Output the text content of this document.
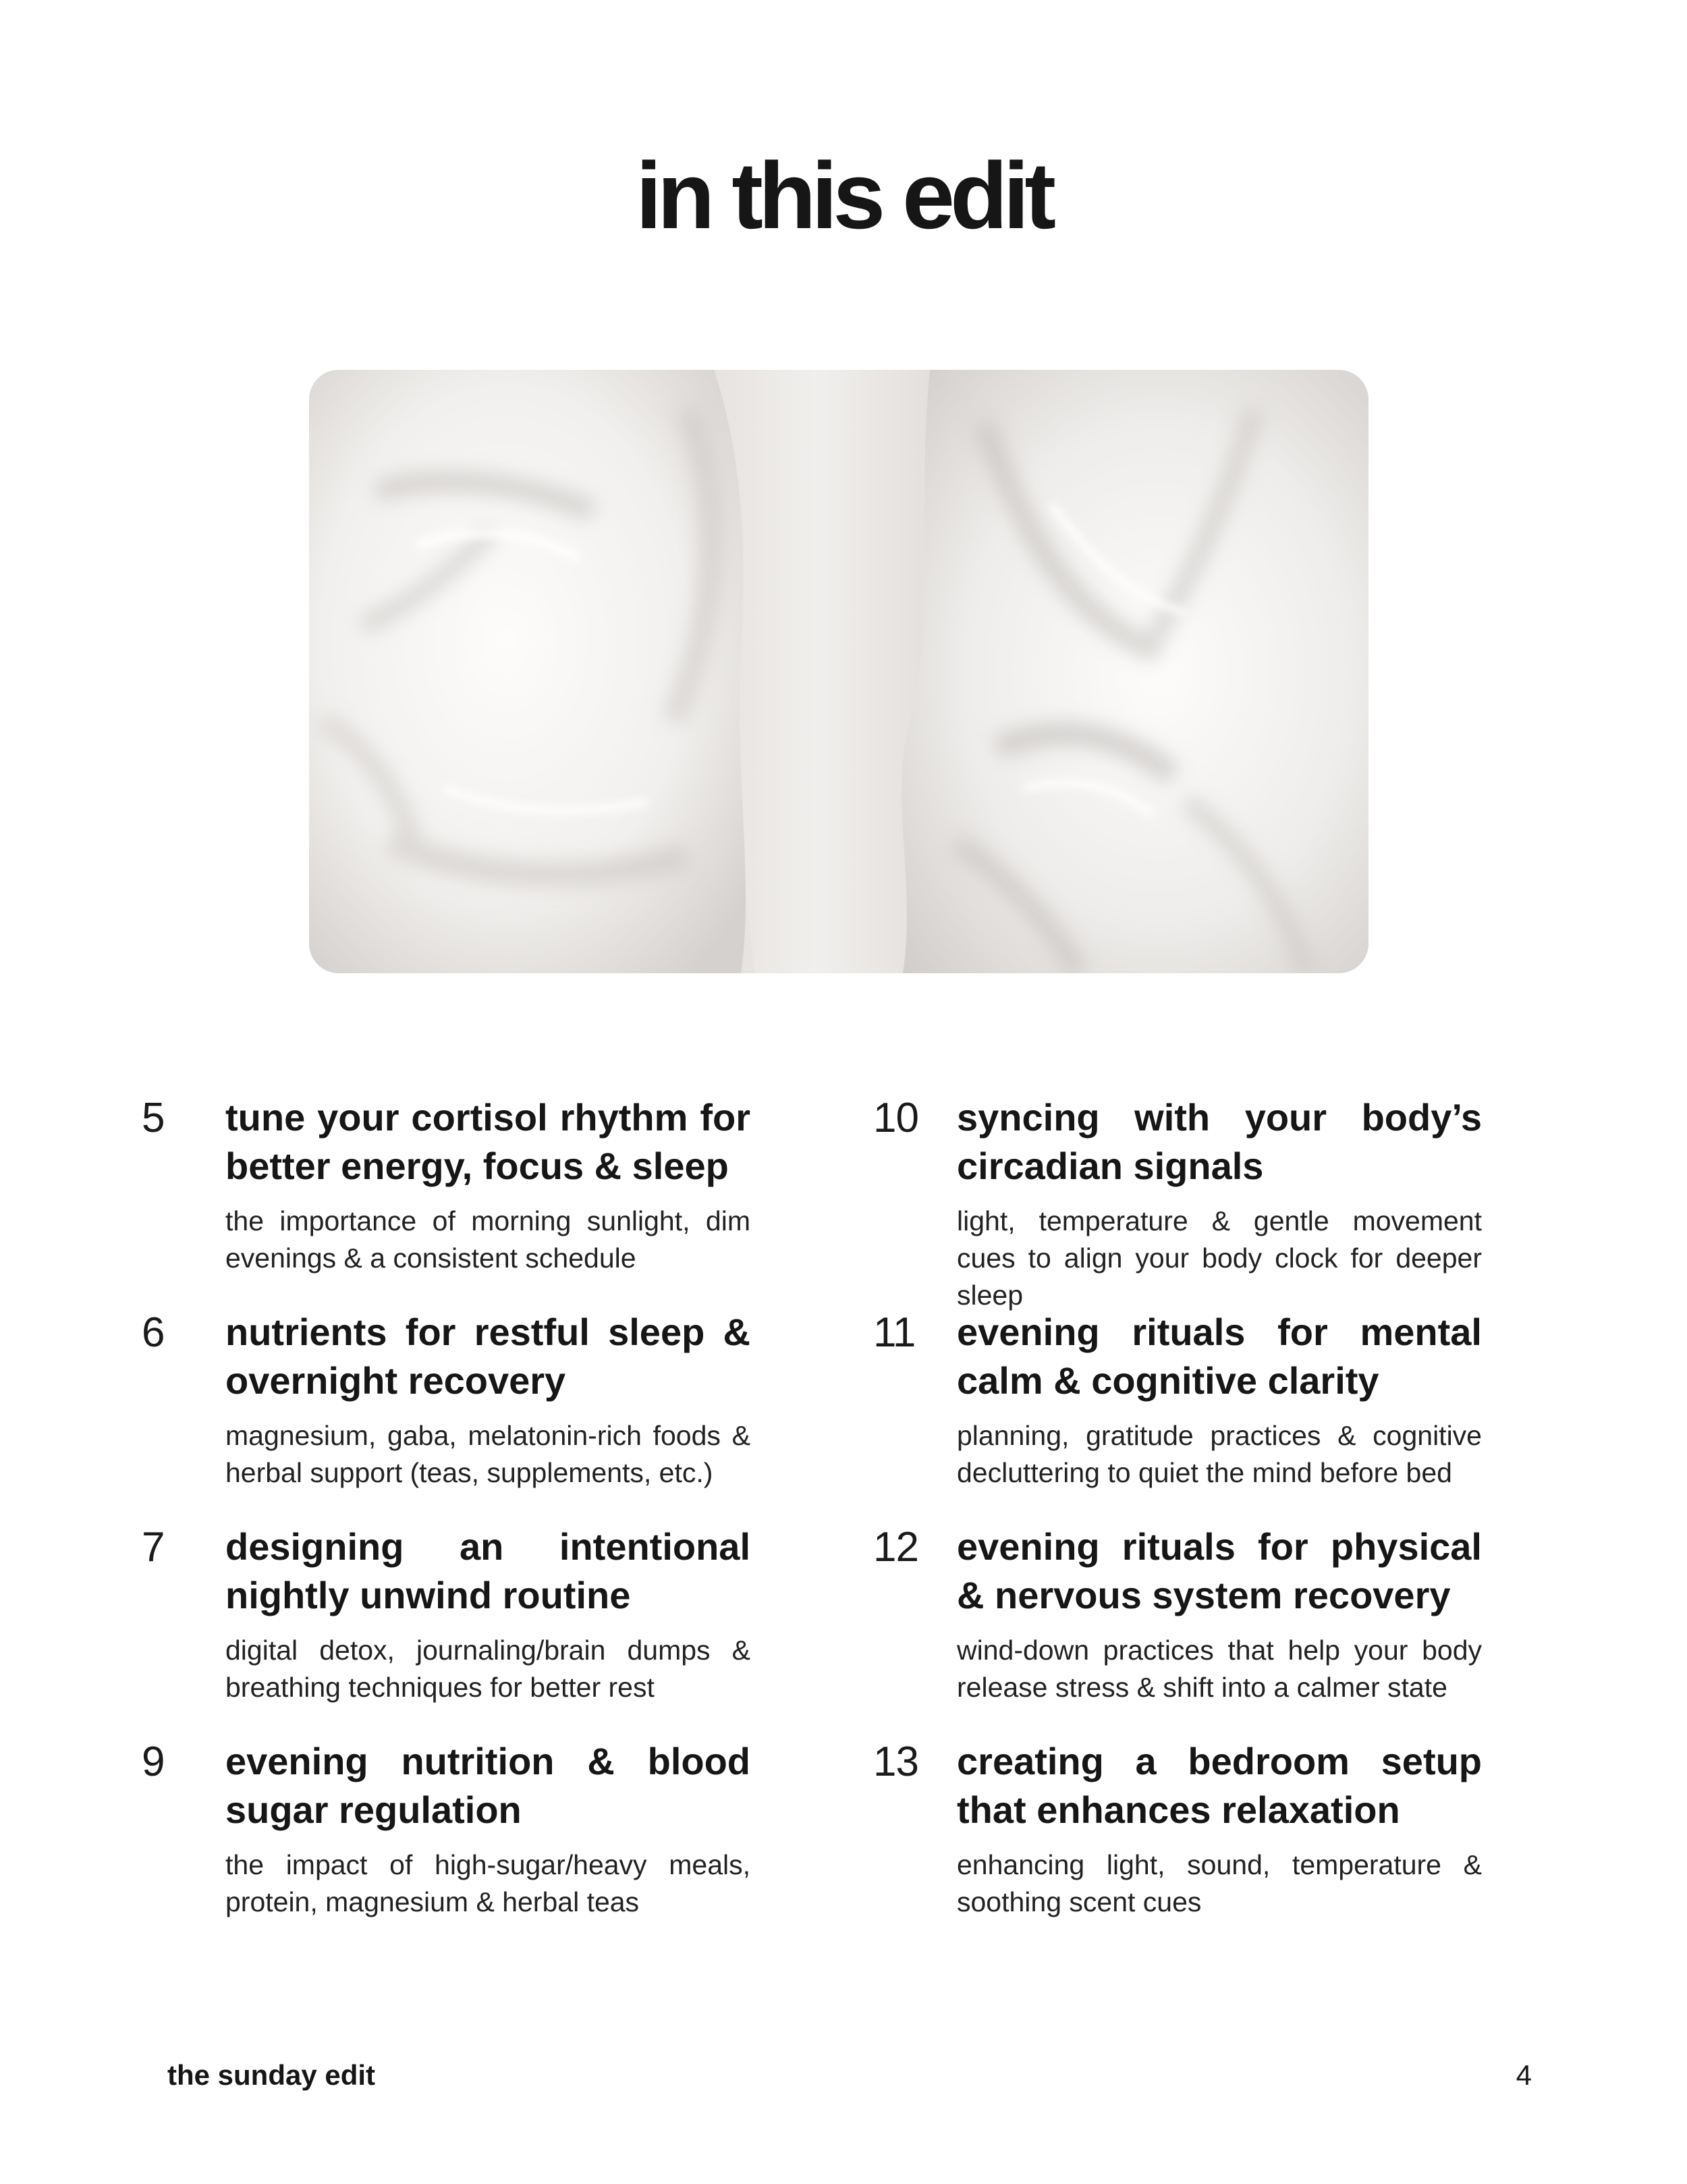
in this edit
5 tune your cortisol rhythm for better energy, focus & sleep

the importance of morning sunlight, dim evenings & a consistent schedule

6 nutrients for restful sleep & overnight recovery

magnesium, gaba, melatonin-rich foods & herbal support (teas, supplements, etc.)

7 designing an intentional nightly unwind routine

digital detox, journaling/brain dumps & breathing techniques for better rest

9 evening nutrition & blood sugar regulation

the impact of high-sugar/heavy meals, protein, magnesium & herbal teas

10 syncing with your body’s circadian signals

light, temperature & gentle movement cues to align your body clock for deeper sleep

11 evening rituals for mental calm & cognitive clarity

planning, gratitude practices & cognitive decluttering to quiet the mind before bed

12 evening rituals for physical & nervous system recovery

wind-down practices that help your body release stress & shift into a calmer state

13 creating a bedroom setup that enhances relaxation

enhancing light, sound, temperature & soothing scent cues

the sunday edit	4
